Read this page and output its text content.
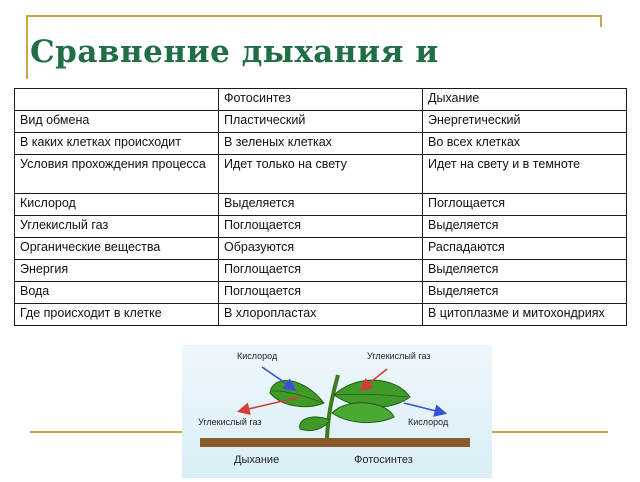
Сравнение дыхания и
	Фотосинтез	Дыхание
Вид обмена	Пластический	Энергетический
В каких клетках происходит	В зеленых клетках	Во всех клетках
Условия прохождения процесса	Идет только на свету	Идет на свету и в темноте
Кислород	Выделяется	Поглощается
Углекислый газ	Поглощается	Выделяется
Органические вещества	Образуются	Распадаются
Энергия	Поглощается	Выделяется
Вода	Поглощается	Выделяется
Где происходит в клетке	В хлоропластах	В цитоплазме и митохондриях
Кислород	Углекислый газ
Углекислый газ	Кислород
Дыхание	Фотосинтез
